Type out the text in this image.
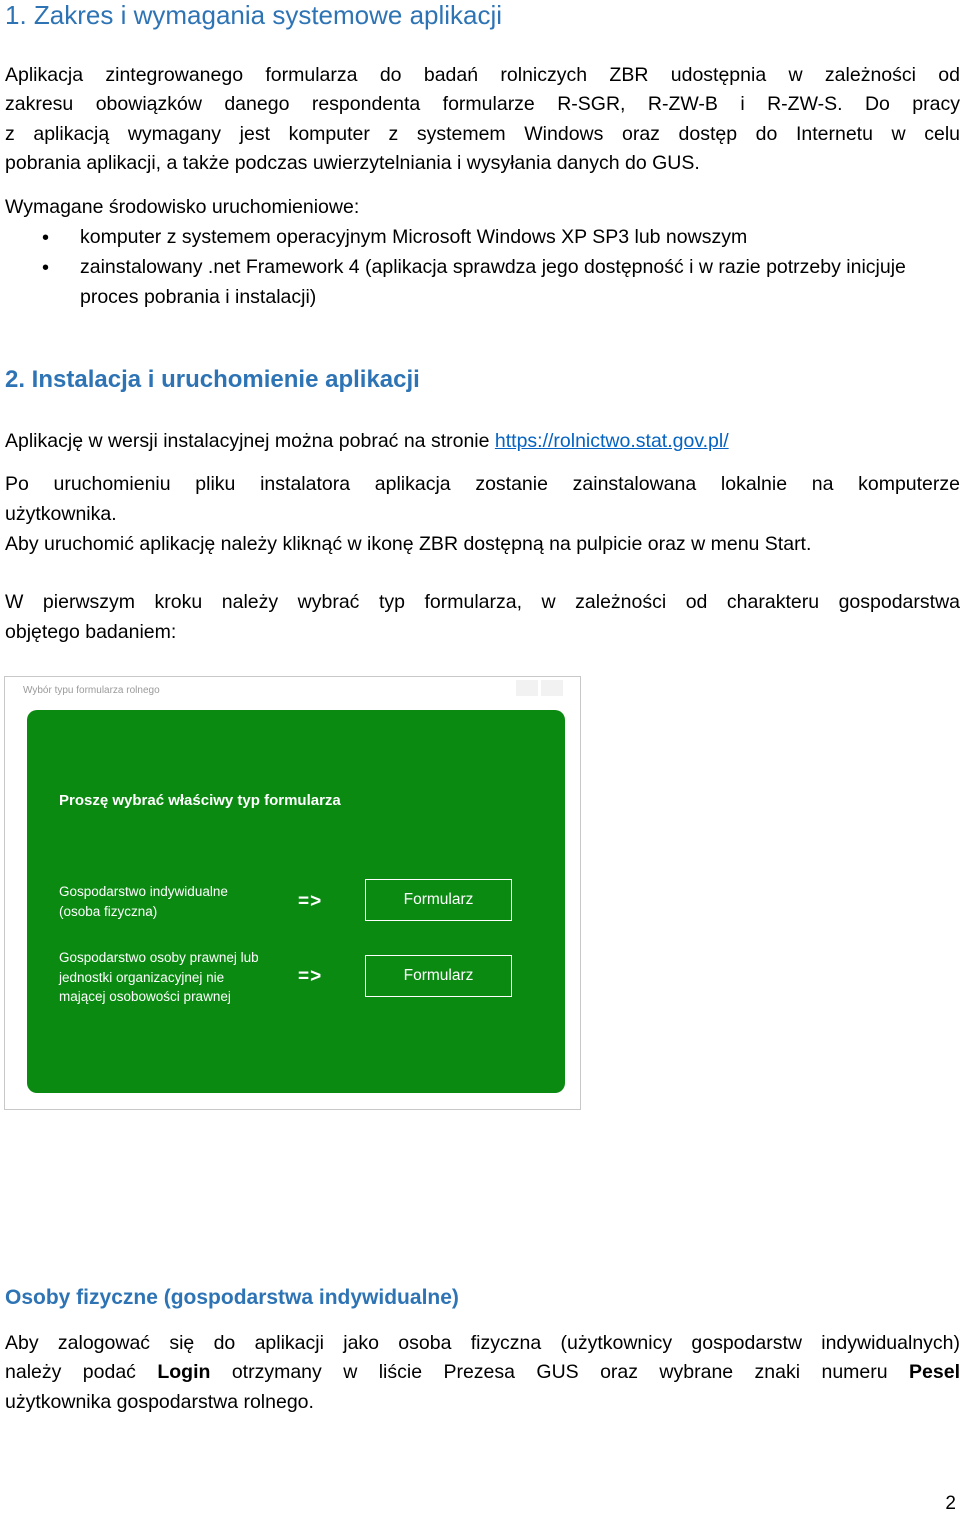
1. Zakres i wymagania systemowe aplikacji
Aplikacja zintegrowanego formularza do badań rolniczych ZBR udostępnia w zależności od
zakresu obowiązków danego respondenta formularze R-SGR, R-ZW-B i R-ZW-S. Do pracy
z aplikacją wymagany jest komputer z systemem Windows oraz dostęp do Internetu w celu
pobrania aplikacji, a także podczas uwierzytelniania i wysyłania danych do GUS.
Wymagane środowisko uruchomieniowe:
• komputer z systemem operacyjnym Microsoft Windows XP SP3 lub nowszym
• zainstalowany .net Framework 4 (aplikacja sprawdza jego dostępność i w razie potrzeby inicjuje proces pobrania i instalacji)
2. Instalacja i uruchomienie aplikacji
Aplikację w wersji instalacyjnej można pobrać na stronie https://rolnictwo.stat.gov.pl/
Po uruchomieniu pliku instalatora aplikacja zostanie zainstalowana lokalnie na komputerze
użytkownika.
Aby uruchomić aplikację należy kliknąć w ikonę ZBR dostępną na pulpicie oraz w menu Start.
W pierwszym kroku należy wybrać typ formularza, w zależności od charakteru gospodarstwa
objętego badaniem:
Wybór typu formularza rolnego
Proszę wybrać właściwy typ formularza
Gospodarstwo indywidualne
(osoba fizyczna)	=>	Formularz
Gospodarstwo osoby prawnej lub
jednostki organizacyjnej nie
mającej osobowości prawnej
=>	Formularz
Osoby fizyczne (gospodarstwa indywidualne)
Aby zalogować się do aplikacji jako osoba fizyczna (użytkownicy gospodarstw indywidualnych)
należy podać Login otrzymany w liście Prezesa GUS oraz wybrane znaki numeru Pesel
użytkownika gospodarstwa rolnego.
2
